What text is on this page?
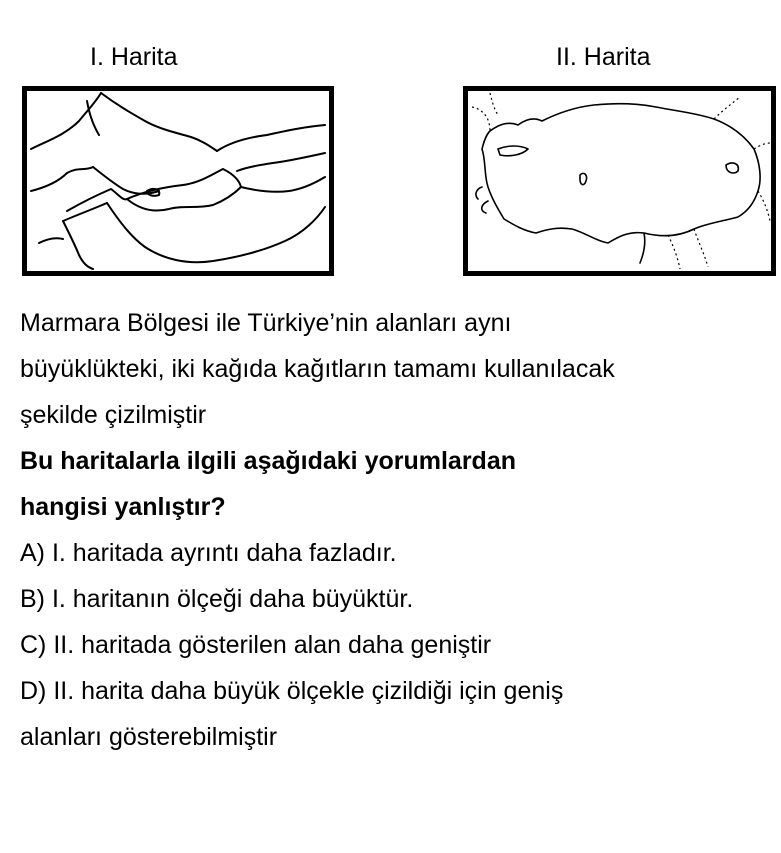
I. Harita	II. Harita
Marmara Bölgesi ile Türkiye’nin alanları aynı
büyüklükteki, iki kağıda kağıtların tamamı kullanılacak
şekilde çizilmiştir
Bu haritalarla ilgili aşağıdaki yorumlardan
hangisi yanlıştır?
A) I. haritada ayrıntı daha fazladır.
B) I. haritanın ölçeği daha büyüktür.
C) II. haritada gösterilen alan daha geniştir
D) II. harita daha büyük ölçekle çizildiği için geniş
alanları gösterebilmiştir
